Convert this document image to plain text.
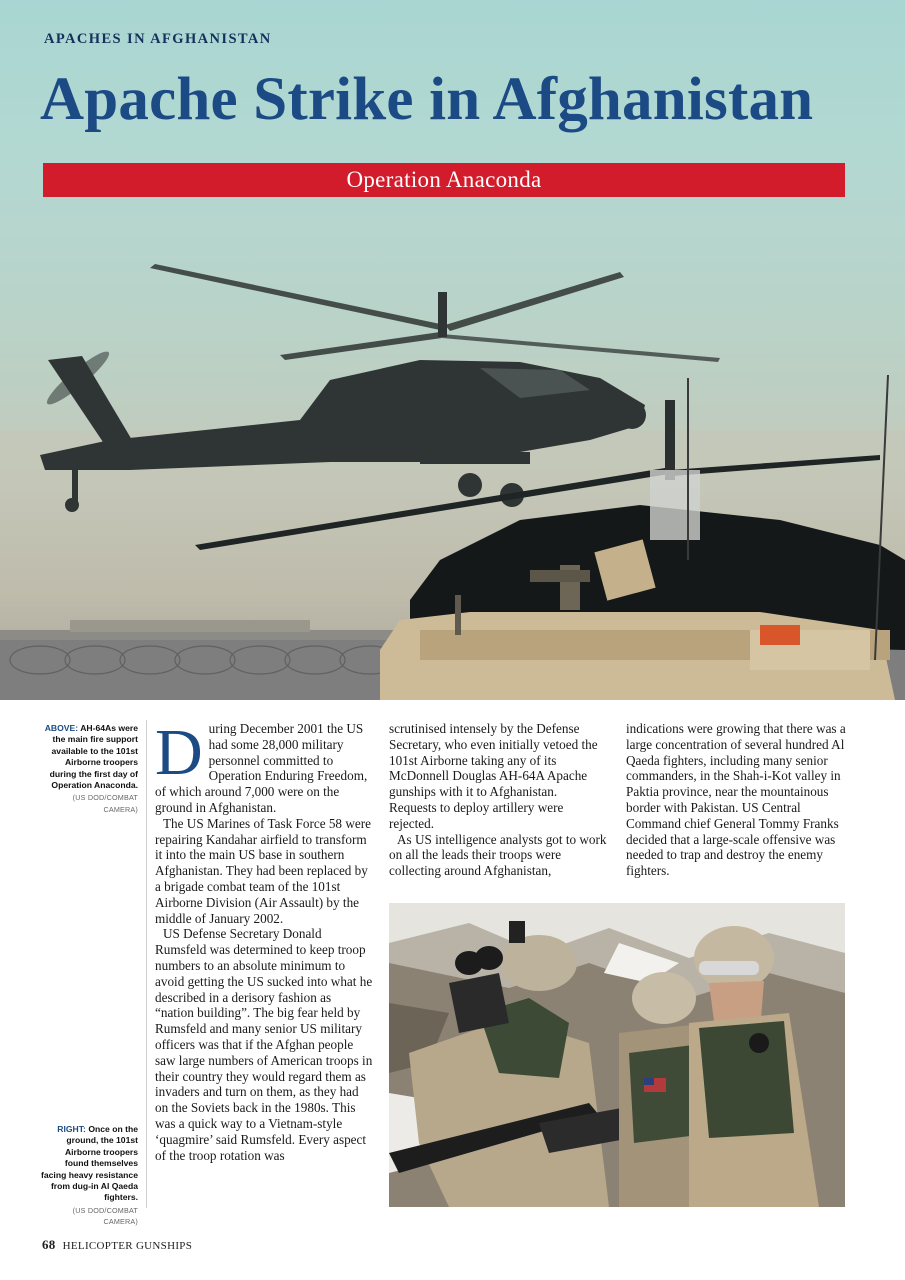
APACHES IN AFGHANISTAN
Apache Strike in Afghanistan
Operation Anaconda
ABOVE: AH-64As were the main fire support available to the 101st Airborne troopers during the first day of Operation Anaconda.
(US DOD/COMBAT CAMERA)
RIGHT: Once on the ground, the 101st Airborne troopers found themselves facing heavy resistance from dug-in Al Qaeda fighters.
(US DOD/COMBAT CAMERA)

During December 2001 the US had some 28,000 military personnel committed to Operation Enduring Freedom, of which around 7,000 were on the ground in Afghanistan.

The US Marines of Task Force 58 were repairing Kandahar airfield to transform it into the main US base in southern Afghanistan. They had been replaced by a brigade combat team of the 101st Airborne Division (Air Assault) by the middle of January 2002.

US Defense Secretary Donald Rumsfeld was determined to keep troop numbers to an absolute minimum to avoid getting the US sucked into what he described in a derisory fashion as “nation building”. The big fear held by Rumsfeld and many senior US military officers was that if the Afghan people saw large numbers of American troops in their country they would regard them as invaders and turn on them, as they had on the Soviets back in the 1980s. This was a quick way to a Vietnam-style ‘quagmire’ said Rumsfeld. Every aspect of the troop rotation was

scrutinised intensely by the Defense Secretary, who even initially vetoed the 101st Airborne taking any of its McDonnell Douglas AH-64A Apache gunships with it to Afghanistan. Requests to deploy artillery were rejected.

As US intelligence analysts got to work on all the leads their troops were collecting around Afghanistan,

indications were growing that there was a large concentration of several hundred Al Qaeda fighters, including many senior commanders, in the Shah-i-Kot valley in Paktia province, near the mountainous border with Pakistan. US Central Command chief General Tommy Franks decided that a large-scale offensive was needed to trap and destroy the enemy fighters.

68 HELICOPTER GUNSHIPS
